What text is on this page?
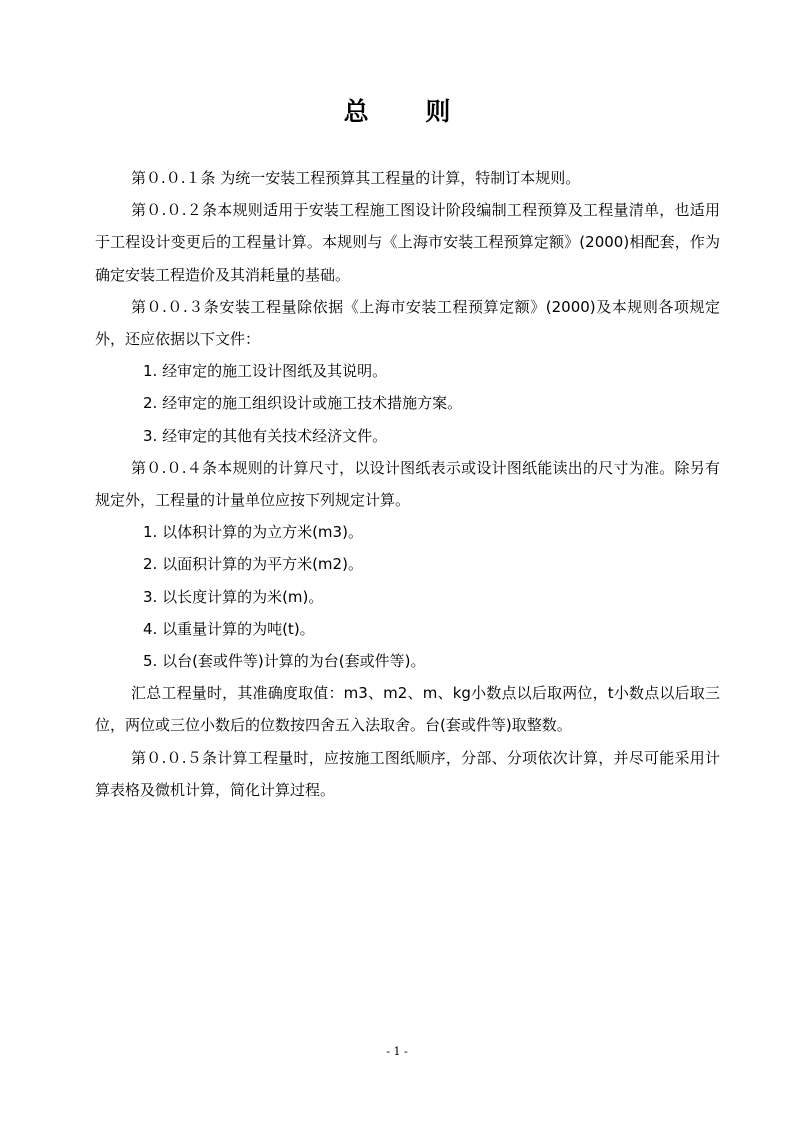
总 则

第０.０.１条 为统一安装工程预算其工程量的计算，特制订本规则。

第０.０.２条本规则适用于安装工程施工图设计阶段编制工程预算及工程量清单，也适用于工程设计变更后的工程量计算。本规则与《上海市安装工程预算定额》(2000)相配套，作为确定安装工程造价及其消耗量的基础。

第０.０.３条安装工程量除依据《上海市安装工程预算定额》(2000)及本规则各项规定外，还应依据以下文件：

1. 经审定的施工设计图纸及其说明。

2. 经审定的施工组织设计或施工技术措施方案。

3. 经审定的其他有关技术经济文件。

第０.０.４条本规则的计算尺寸，以设计图纸表示或设计图纸能读出的尺寸为准。除另有规定外，工程量的计量单位应按下列规定计算。

1. 以体积计算的为立方米(m3)。

2. 以面积计算的为平方米(m2)。

3. 以长度计算的为米(m)。

4. 以重量计算的为吨(t)。

5. 以台(套或件等)计算的为台(套或件等)。

汇总工程量时，其准确度取值：m3、m2、m、kg小数点以后取两位，t小数点以后取三位，两位或三位小数后的位数按四舍五入法取舍。台(套或件等)取整数。

第０.０.５条计算工程量时，应按施工图纸顺序，分部、分项依次计算，并尽可能采用计算表格及微机计算，简化计算过程。

- 1 -
